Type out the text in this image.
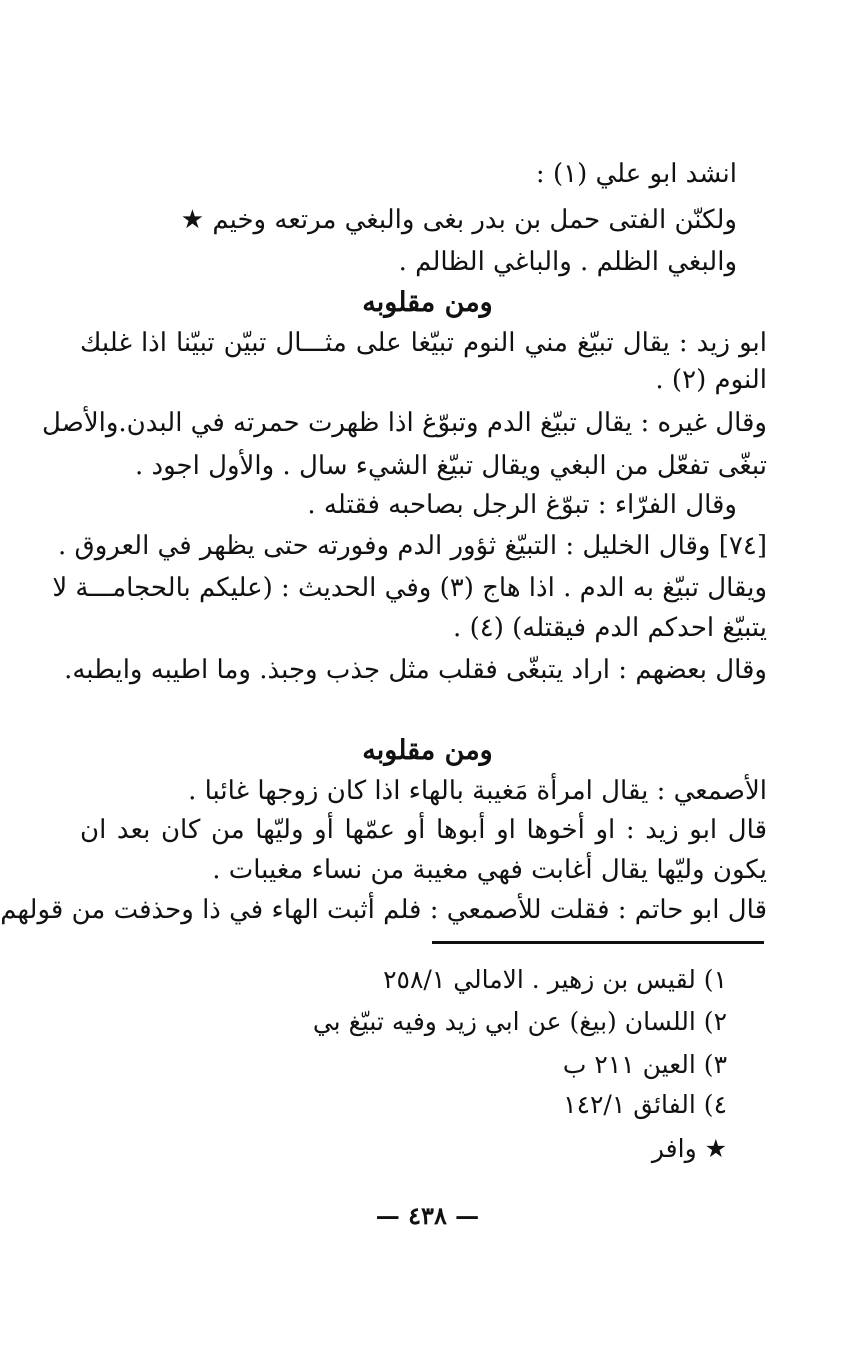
انشد ابو علي (١) :
ولكنّن الفتى حمل بن بدر بغى والبغي مرتعه وخيم ★
والبغي الظلم . والباغي الظالم .
ومن مقلوبه
ابو زيد : يقال تبيّغ مني النوم تبيّغا على مثـــال تبيّن تبيّنا اذا غلبك
النوم (٢) .
وقال غيره : يقال تبيّغ الدم وتبوّغ اذا ظهرت حمرته في البدن.والأصل
تبغّى تفعّل من البغي ويقال تبيّغ الشيء سال . والأول اجود .
وقال الفرّاء : تبوّغ الرجل بصاحبه فقتله .
[٧٤] وقال الخليل : التبيّغ ثؤور الدم وفورته حتى يظهر في العروق .
ويقال تبيّغ به الدم . اذا هاج (٣) وفي الحديث : (عليكم بالحجامـــة لا
يتبيّغ احدكم الدم فيقتله) (٤) .
وقال بعضهم : اراد يتبغّى فقلب مثل جذب وجبذ. وما اطيبه وايطبه.
ومن مقلوبه
الأصمعي : يقال امرأة مَغيبة بالهاء اذا كان زوجها غائبا .
قال ابو زيد : او أخوها او أبوها أو عمّها أو وليّها من كان بعد ان
يكون وليّها يقال أغابت فهي مغيبة من نساء مغيبات .
قال ابو حاتم : فقلت للأصمعي : فلم أثبت الهاء في ذا وحذفت من قولهم
١) لقيس بن زهير . الامالي ٢٥٨/١
٢) اللسان (بيغ) عن ابي زيد وفيه تبيّغ بي
٣) العين ٢١١ ب
٤) الفائق ١٤٢/١
★ وافر
— ٤٣٨ —
